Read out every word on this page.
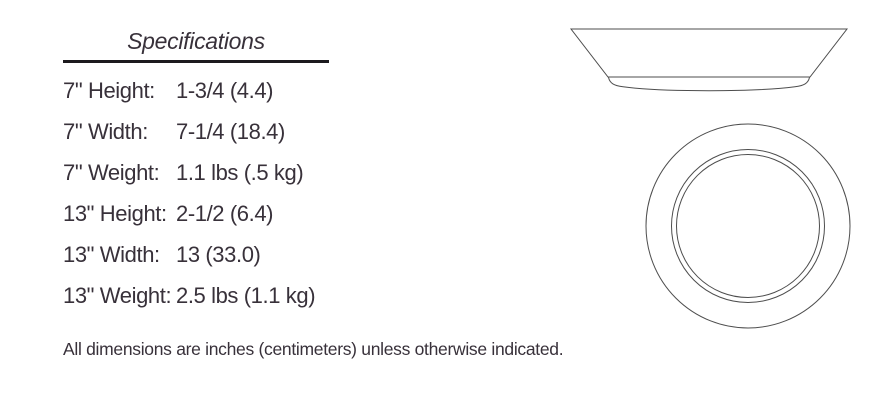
Specifications
7" Height: 1-3/4 (4.4)
7" Width:	7-1/4 (18.4)
7" Weight: 1.1 lbs (.5 kg)
13" Height: 2-1/2 (6.4)
13" Width: 13 (33.0)
13" Weight: 2.5 lbs (1.1 kg)
All dimensions are inches (centimeters) unless otherwise indicated.
